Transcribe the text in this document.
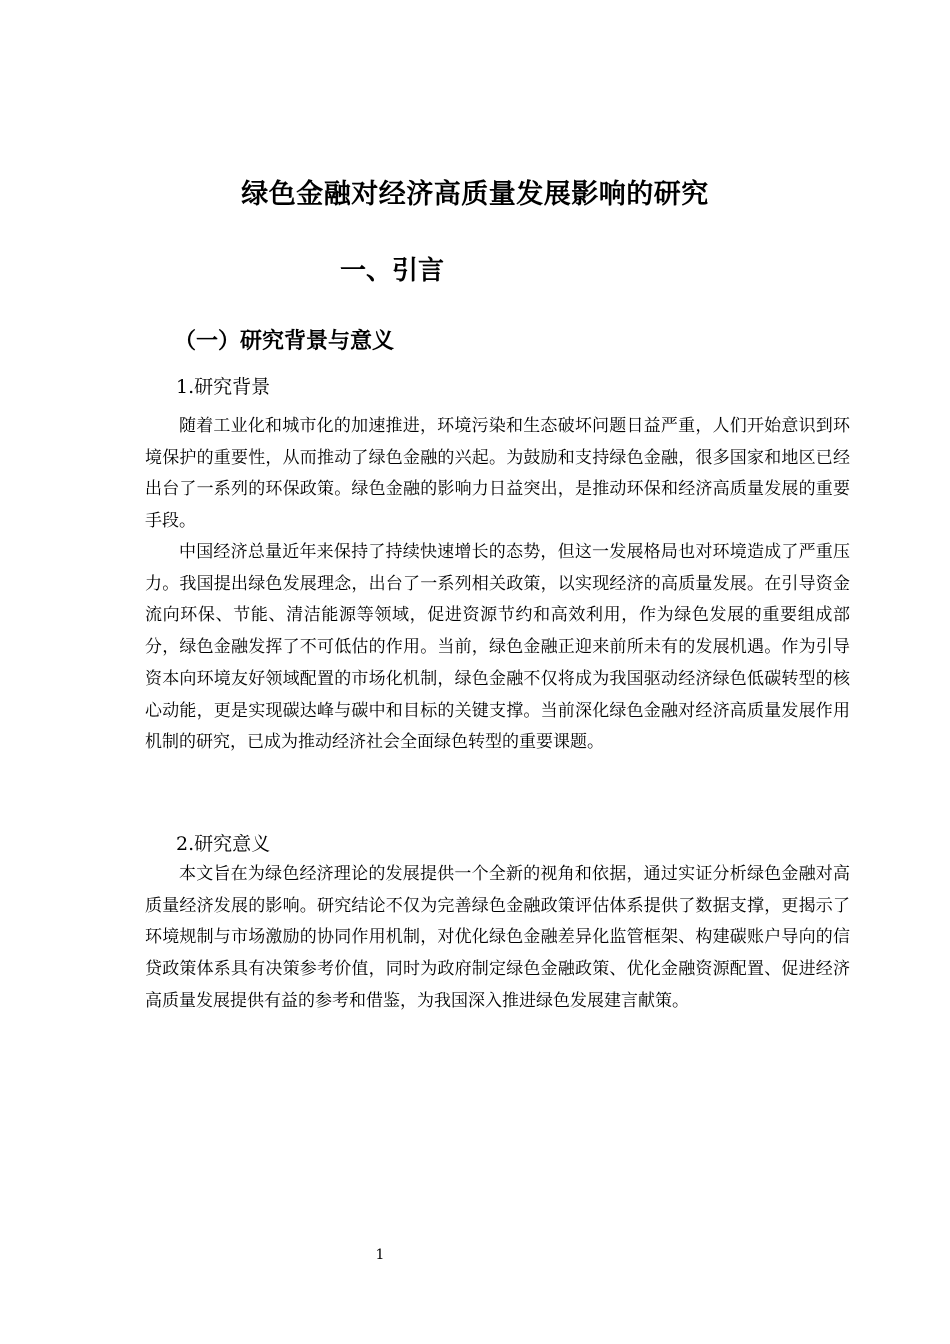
绿色金融对经济高质量发展影响的研究
一、引言
（一）研究背景与意义
1.研究背景

随着工业化和城市化的加速推进，环境污染和生态破坏问题日益严重，人们开始意识到环境保护的重要性，从而推动了绿色金融的兴起。为鼓励和支持绿色金融，很多国家和地区已经出台了一系列的环保政策。绿色金融的影响力日益突出，是推动环保和经济高质量发展的重要手段。

中国经济总量近年来保持了持续快速增长的态势，但这一发展格局也对环境造成了严重压力。我国提出绿色发展理念，出台了一系列相关政策，以实现经济的高质量发展。在引导资金流向环保、节能、清洁能源等领域，促进资源节约和高效利用，作为绿色发展的重要组成部分，绿色金融发挥了不可低估的作用。当前，绿色金融正迎来前所未有的发展机遇。作为引导资本向环境友好领域配置的市场化机制，绿色金融不仅将成为我国驱动经济绿色低碳转型的核心动能，更是实现碳达峰与碳中和目标的关键支撑。当前深化绿色金融对经济高质量发展作用机制的研究，已成为推动经济社会全面绿色转型的重要课题。

2.研究意义

本文旨在为绿色经济理论的发展提供一个全新的视角和依据，通过实证分析绿色金融对高质量经济发展的影响。研究结论不仅为完善绿色金融政策评估体系提供了数据支撑，更揭示了环境规制与市场激励的协同作用机制，对优化绿色金融差异化监管框架、构建碳账户导向的信贷政策体系具有决策参考价值，同时为政府制定绿色金融政策、优化金融资源配置、促进经济高质量发展提供有益的参考和借鉴，为我国深入推进绿色发展建言献策。

1
